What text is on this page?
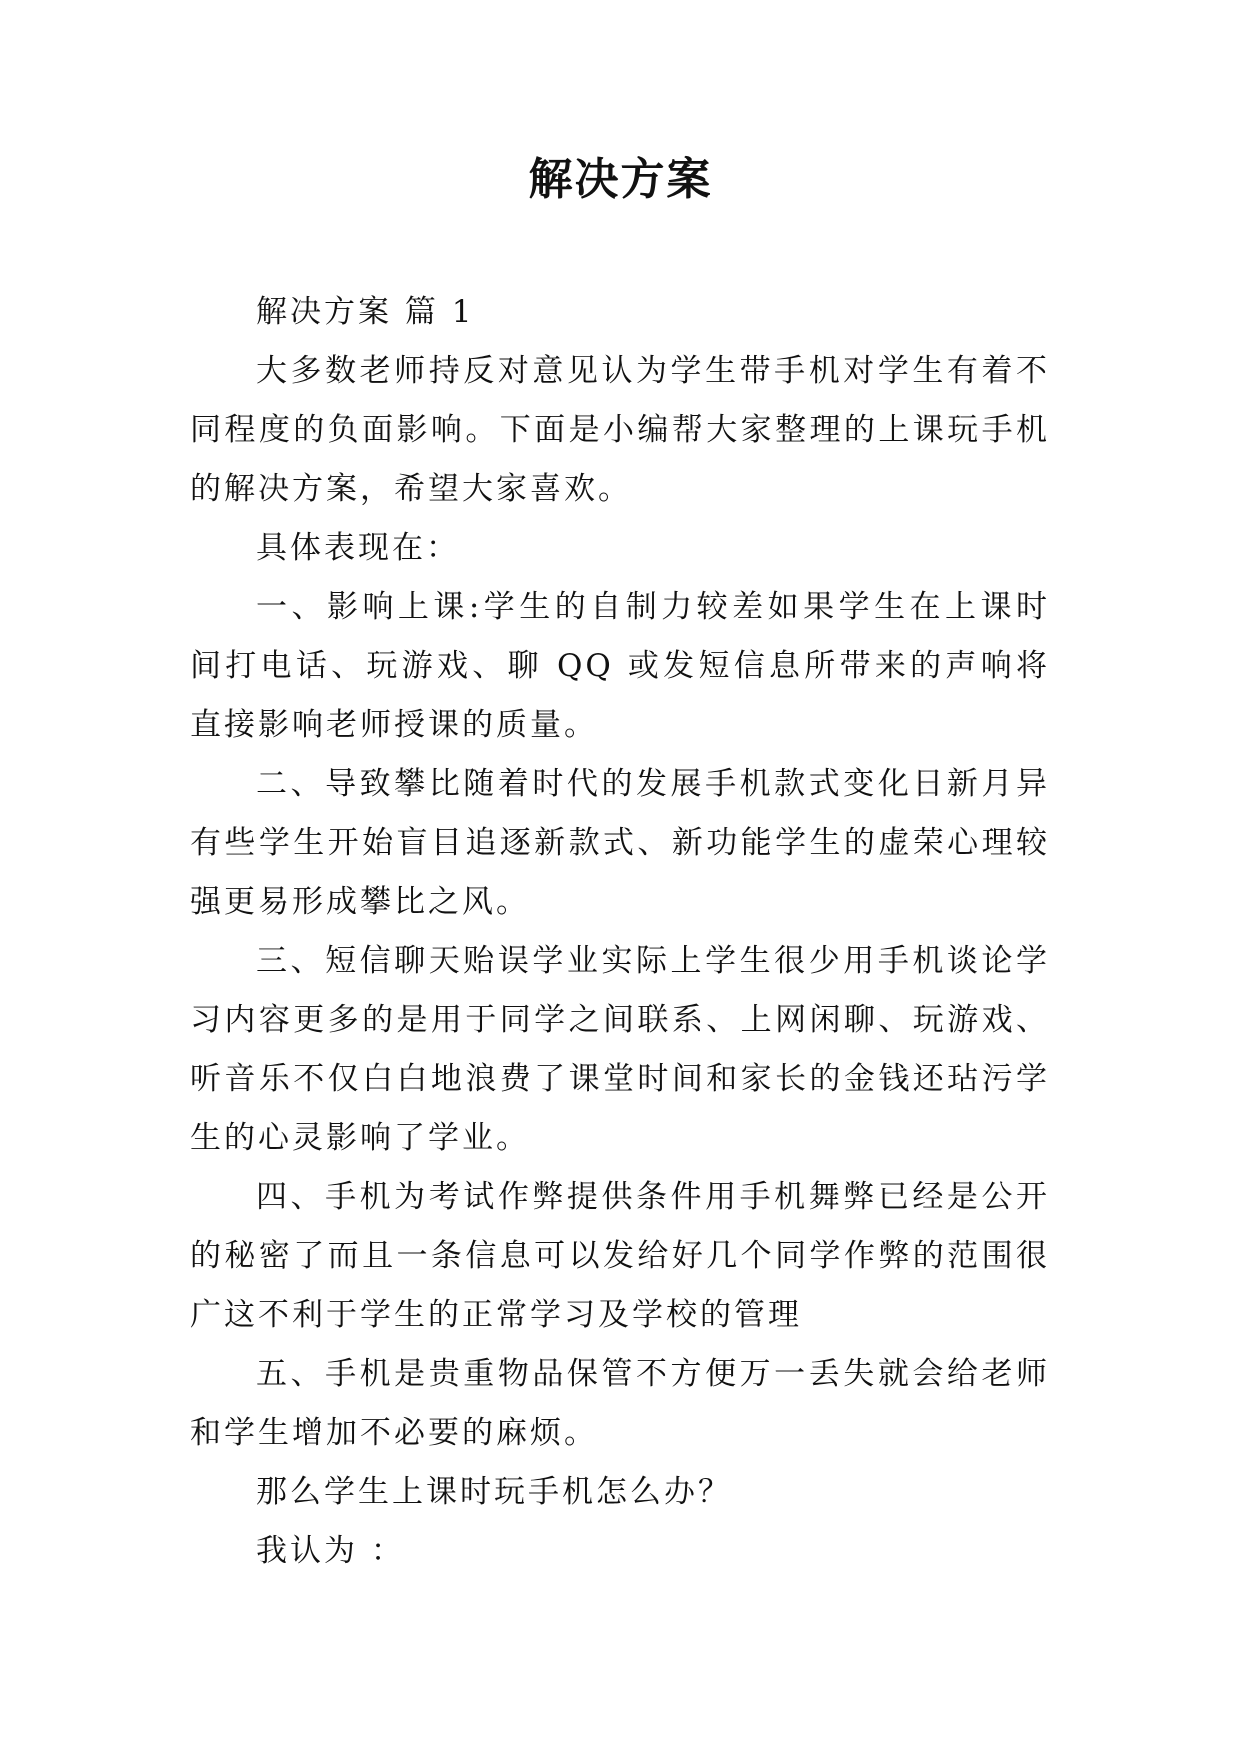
解决方案

解决方案 篇 1

大多数老师持反对意见认为学生带手机对学生有着不同程度的负面影响。下面是小编帮大家整理的上课玩手机的解决方案，希望大家喜欢。

具体表现在：

一、影响上课:学生的自制力较差如果学生在上课时间打电话、玩游戏、聊 QQ 或发短信息所带来的声响将直接影响老师授课的质量。

二、导致攀比随着时代的发展手机款式变化日新月异有些学生开始盲目追逐新款式、新功能学生的虚荣心理较强更易形成攀比之风。

三、短信聊天贻误学业实际上学生很少用手机谈论学习内容更多的是用于同学之间联系、上网闲聊、玩游戏、听音乐不仅白白地浪费了课堂时间和家长的金钱还玷污学生的心灵影响了学业。

四、手机为考试作弊提供条件用手机舞弊已经是公开的秘密了而且一条信息可以发给好几个同学作弊的范围很广这不利于学生的正常学习及学校的管理

五、手机是贵重物品保管不方便万一丢失就会给老师和学生增加不必要的麻烦。

那么学生上课时玩手机怎么办？

我认为 ：
